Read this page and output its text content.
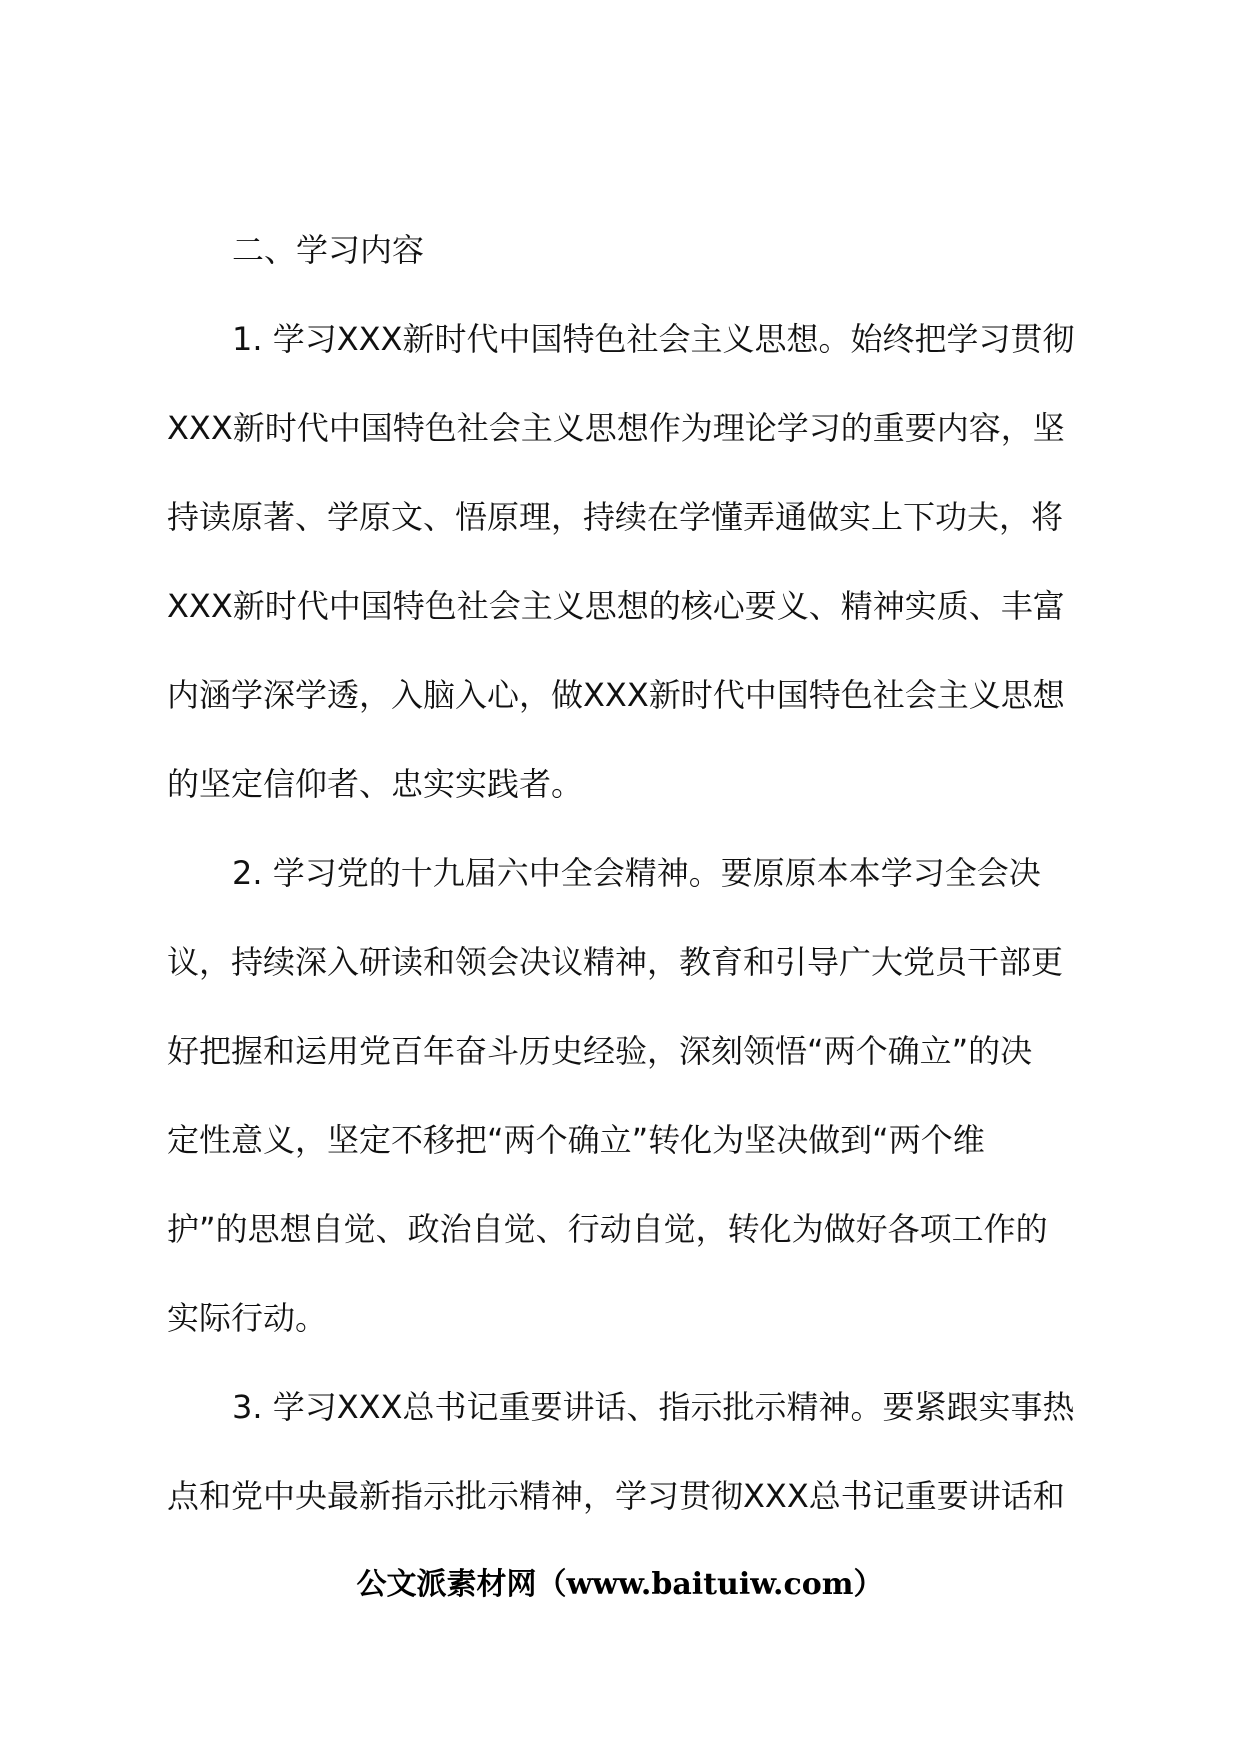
二、学习内容
1. 学习XXX新时代中国特色社会主义思想。始终把学习贯彻
XXX新时代中国特色社会主义思想作为理论学习的重要内容，坚
持读原著、学原文、悟原理，持续在学懂弄通做实上下功夫，将
XXX新时代中国特色社会主义思想的核心要义、精神实质、丰富
内涵学深学透，入脑入心，做XXX新时代中国特色社会主义思想
的坚定信仰者、忠实实践者。
2. 学习党的十九届六中全会精神。要原原本本学习全会决
议，持续深入研读和领会决议精神，教育和引导广大党员干部更
好把握和运用党百年奋斗历史经验，深刻领悟“两个确立”的决
定性意义，坚定不移把“两个确立”转化为坚决做到“两个维
护”的思想自觉、政治自觉、行动自觉，转化为做好各项工作的
实际行动。
3. 学习XXX总书记重要讲话、指示批示精神。要紧跟实事热
点和党中央最新指示批示精神，学习贯彻XXX总书记重要讲话和
公文派素材网（www.baituiw.com）
